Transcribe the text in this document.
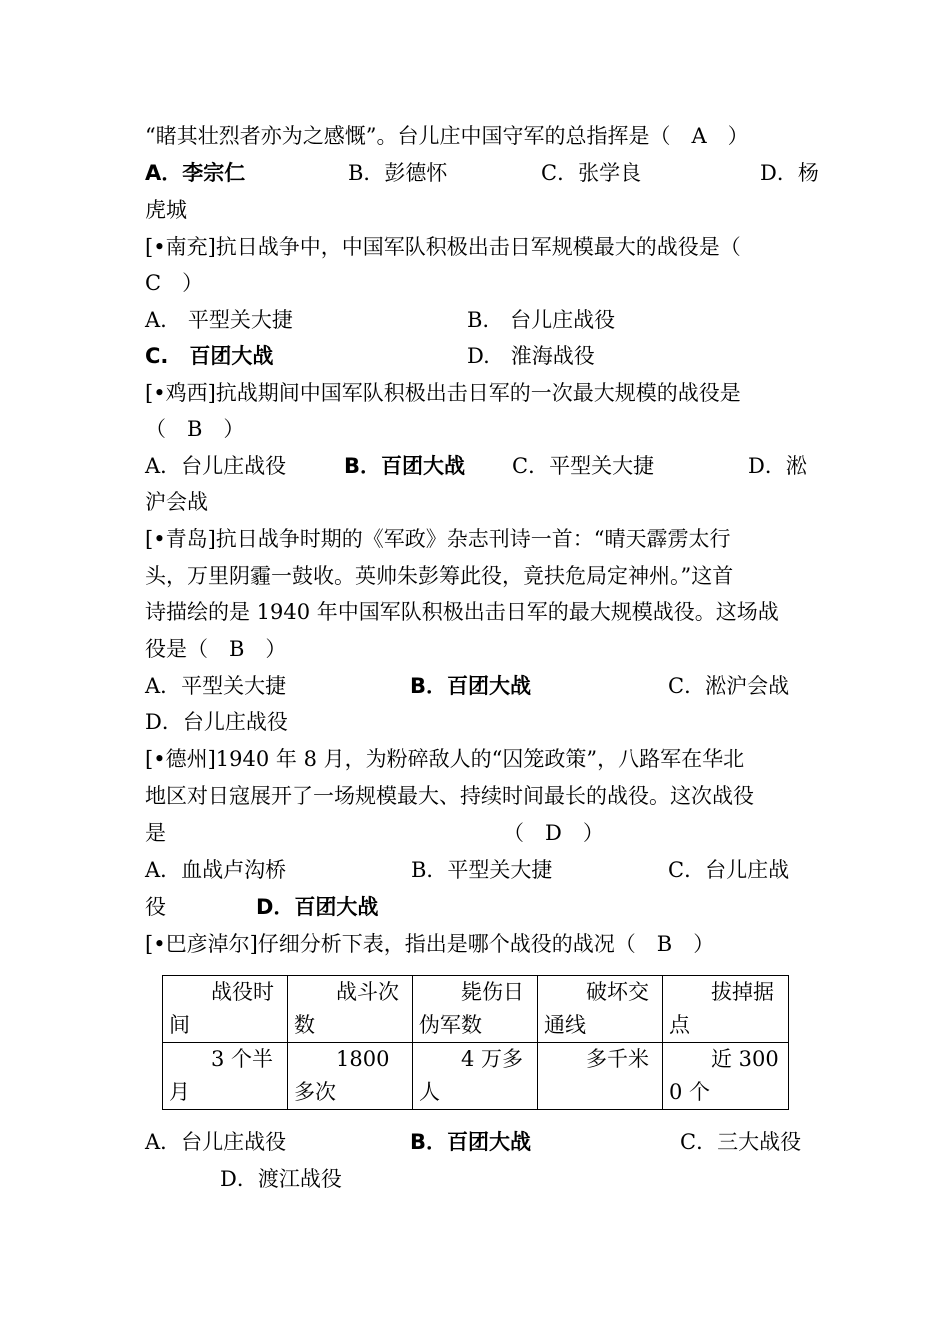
“睹其壮烈者亦为之感慨”。台儿庄中国守军的总指挥是（　A　）
A．李宗仁	B．彭德怀	C．张学良	D．杨
虎城
[•南充]抗日战争中，中国军队积极出击日军规模最大的战役是（
C　）
A.　平型关大捷	B.　台儿庄战役
C.　百团大战	D.　淮海战役
[•鸡西]抗战期间中国军队积极出击日军的一次最大规模的战役是
（　B　）
A．台儿庄战役	B．百团大战 C．平型关大捷	D．淞
沪会战
[•青岛]抗日战争时期的《军政》杂志刊诗一首：“晴天霹雳太行
头，万里阴霾一鼓收。英帅朱彭筹此役，竟扶危局定神州。”这首
诗描绘的是 1940 年中国军队积极出击日军的最大规模战役。这场战
役是（　B　）
A．平型关大捷	B．百团大战	C．淞沪会战
D．台儿庄战役
[•德州]1940 年 8 月，为粉碎敌人的“囚笼政策”，八路军在华北
地区对日寇展开了一场规模最大、持续时间最长的战役。这次战役
是	（　D　）
A．血战卢沟桥	B．平型关大捷	C．台儿庄战
役	D．百团大战
[•巴彦淖尔]仔细分析下表，指出是哪个战役的战况（　B　）
战役时间	战斗次数	毙伤日伪军数	破坏交通线	拔掉据点
3 个半月	1800 多次	4 万多人	多千米	近 3000 个
A．台儿庄战役	B．百团大战	C．三大战役
D．渡江战役
